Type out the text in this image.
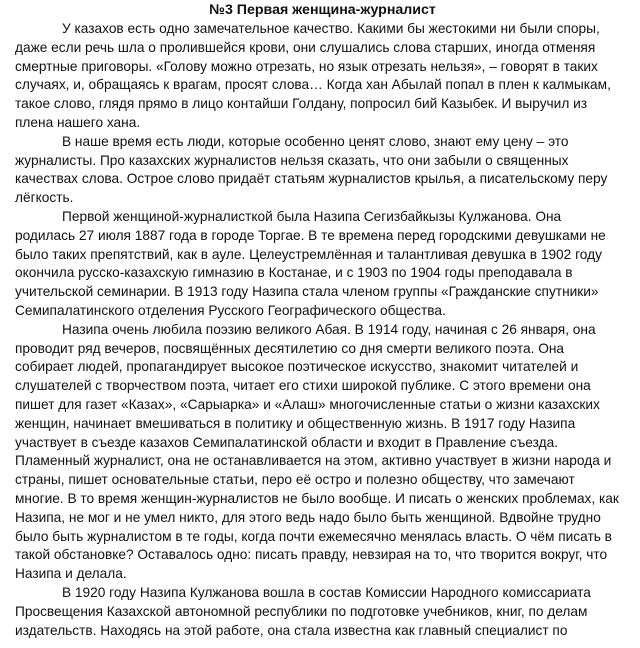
№3 Первая женщина-журналист
У казахов есть одно замечательное качество. Какими бы жестокими ни были споры,
даже если речь шла о пролившейся крови, они слушались слова старших, иногда отменяя
смертные приговоры. «Голову можно отрезать, но язык отрезать нельзя», – говорят в таких
случаях, и, обращаясь к врагам, просят слова… Когда хан Абылай попал в плен к калмыкам,
такое слово, глядя прямо в лицо контайши Голдану, попросил бий Казыбек. И выручил из
плена нашего хана.
В наше время есть люди, которые особенно ценят слово, знают ему цену – это
журналисты. Про казахских журналистов нельзя сказать, что они забыли о священных
качествах слова. Острое слово придаёт статьям журналистов крылья, а писательскому перу
лёгкость.
Первой женщиной-журналисткой была Назипа Сегизбайкызы Кулжанова. Она
родилась 27 июля 1887 года в городе Торгае. В те времена перед городскими девушками не
было таких препятствий, как в ауле. Целеустремлённая и талантливая девушка в 1902 году
окончила русско-казахскую гимназию в Костанае, и с 1903 по 1904 годы преподавала в
учительской семинарии. В 1913 году Назипа стала членом группы «Гражданские спутники»
Семипалатинского отделения Русского Географического общества.
Назипа очень любила поэзию великого Абая. В 1914 году, начиная с 26 января, она
проводит ряд вечеров, посвящённых десятилетию со дня смерти великого поэта. Она
собирает людей, пропагандирует высокое поэтическое искусство, знакомит читателей и
слушателей с творчеством поэта, читает его стихи широкой публике. С этого времени она
пишет для газет «Казах», «Сарыарка» и «Алаш» многочисленные статьи о жизни казахских
женщин, начинает вмешиваться в политику и общественную жизнь. В 1917 году Назипа
участвует в съезде казахов Семипалатинской области и входит в Правление съезда.
Пламенный журналист, она не останавливается на этом, активно участвует в жизни народа и
страны, пишет основательные статьи, перо её остро и полезно обществу, что замечают
многие. В то время женщин-журналистов не было вообще. И писать о женских проблемах, как
Назипа, не мог и не умел никто, для этого ведь надо было быть женщиной. Вдвойне трудно
было быть журналистом в те годы, когда почти ежемесячно менялась власть. О чём писать в
такой обстановке? Оставалось одно: писать правду, невзирая на то, что творится вокруг, что
Назипа и делала.
В 1920 году Назипа Кулжанова вошла в состав Комиссии Народного комиссариата
Просвещения Казахской автономной республики по подготовке учебников, книг, по делам
издательств. Находясь на этой работе, она стала известна как главный специалист по
